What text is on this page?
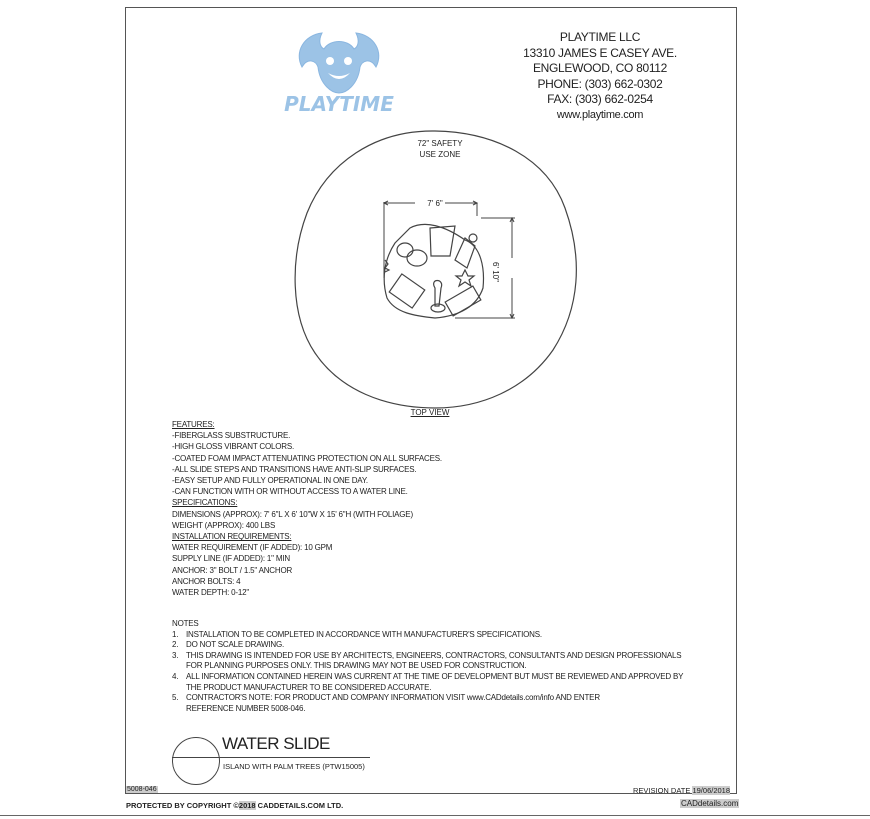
PLAYTIME
PLAYTIME LLC
13310 JAMES E CASEY AVE.
ENGLEWOOD, CO 80112
PHONE: (303) 662-0302
FAX: (303) 662-0254
www.playtime.com
72" SAFETY
USE ZONE
7' 6"
6' 10"
TOP VIEW
FEATURES:
-FIBERGLASS SUBSTRUCTURE.
-HIGH GLOSS VIBRANT COLORS.
-COATED FOAM IMPACT ATTENUATING PROTECTION ON ALL SURFACES.
-ALL SLIDE STEPS AND TRANSITIONS HAVE ANTI-SLIP SURFACES.
-EASY SETUP AND FULLY OPERATIONAL IN ONE DAY.
-CAN FUNCTION WITH OR WITHOUT ACCESS TO A WATER LINE.
SPECIFICATIONS:
DIMENSIONS (APPROX): 7' 6"L X 6' 10"W X 15' 6"H (WITH FOLIAGE)
WEIGHT (APPROX): 400 LBS
INSTALLATION REQUIREMENTS:
WATER REQUIREMENT (IF ADDED): 10 GPM
SUPPLY LINE (IF ADDED): 1" MIN
ANCHOR: 3" BOLT / 1.5" ANCHOR
ANCHOR BOLTS: 4
WATER DEPTH: 0-12"
NOTES
1. INSTALLATION TO BE COMPLETED IN ACCORDANCE WITH MANUFACTURER'S SPECIFICATIONS.
2. DO NOT SCALE DRAWING.
3. THIS DRAWING IS INTENDED FOR USE BY ARCHITECTS, ENGINEERS, CONTRACTORS, CONSULTANTS AND DESIGN PROFESSIONALS
FOR PLANNING PURPOSES ONLY. THIS DRAWING MAY NOT BE USED FOR CONSTRUCTION.
4. ALL INFORMATION CONTAINED HEREIN WAS CURRENT AT THE TIME OF DEVELOPMENT BUT MUST BE REVIEWED AND APPROVED BY
THE PRODUCT MANUFACTURER TO BE CONSIDERED ACCURATE.
5. CONTRACTOR'S NOTE: FOR PRODUCT AND COMPANY INFORMATION VISIT www.CADdetails.com/info AND ENTER
REFERENCE NUMBER 5008-046.
WATER SLIDE
ISLAND WITH PALM TREES (PTW15005)
5008-046	REVISION DATE 19/06/2018
PROTECTED BY COPYRIGHT ©2018 CADDETAILS.COM LTD.	CADdetails.com
